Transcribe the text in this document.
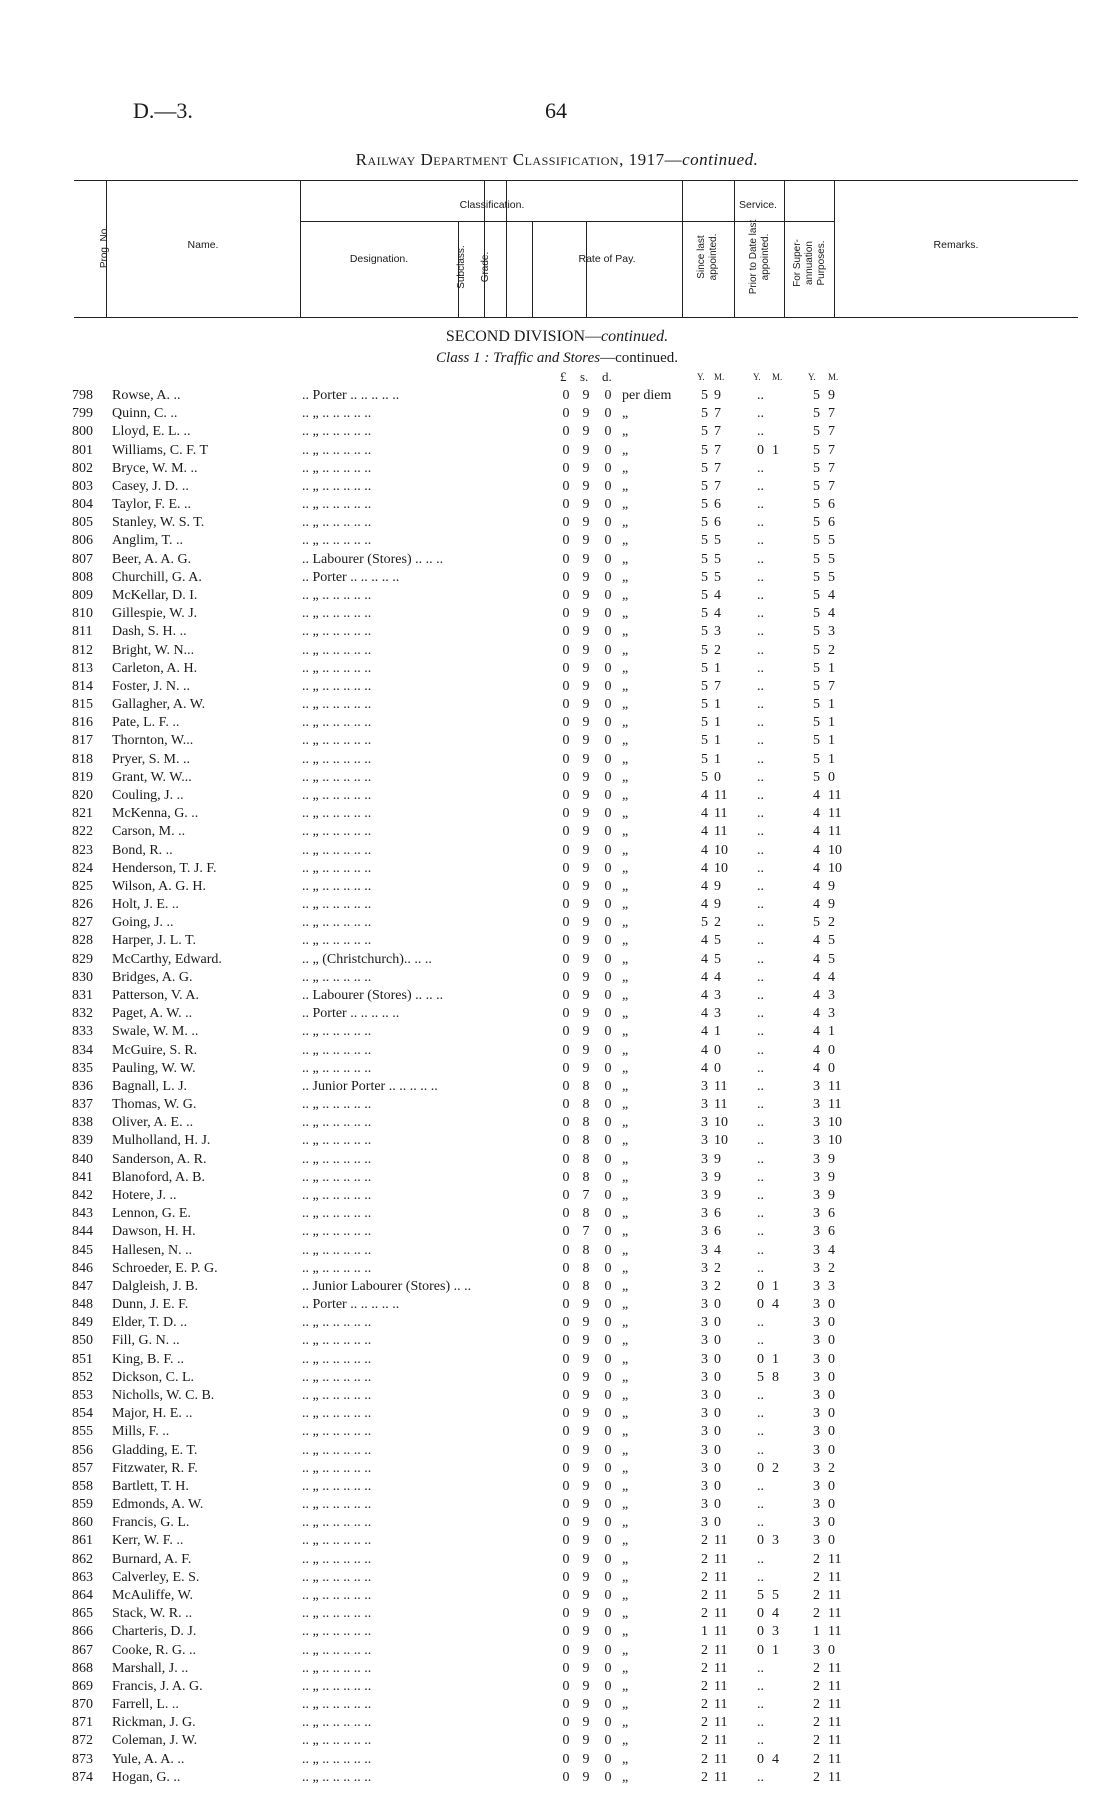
D.—3.	64
Railway Department Classification, 1917—continued.
Prog. No.	Name.
Classification.
Designation.	Subclass. Grade.	Rate of Pay.
Service.
Since last appointed.	Prior to Date last appointed. For Super-annuation Purposes.	Remarks.
SECOND DIVISION—continued.
Class 1 : Traffic and Stores—continued.
£ s. d.	Y. M.	Y. M.	Y. M.
798 Rowse, A. ..	.. Porter .. .. .. .. ..	0 9 0 per diem	5 9	..	5 9
799 Quinn, C. ..	.. „ .. .. .. .. ..	0 9 0 „	5 7	..	5 7
800 Lloyd, E. L. ..	.. „ .. .. .. .. ..	0 9 0 „	5 7	..	5 7
801 Williams, C. F. T	.. „ .. .. .. .. ..	0 9 0 „	5 7	0 1	5 7
802 Bryce, W. M. ..	.. „ .. .. .. .. ..	0 9 0 „	5 7	..	5 7
803 Casey, J. D. ..	.. „ .. .. .. .. ..	0 9 0 „	5 7	..	5 7
804 Taylor, F. E. ..	.. „ .. .. .. .. ..	0 9 0 „	5 6	..	5 6
805 Stanley, W. S. T.	.. „ .. .. .. .. ..	0 9 0 „	5 6	..	5 6
806 Anglim, T. ..	.. „ .. .. .. .. ..	0 9 0 „	5 5	..	5 5
807 Beer, A. A. G.	.. Labourer (Stores) .. .. ..	0 9 0 „	5 5	..	5 5
808 Churchill, G. A.	.. Porter .. .. .. .. ..	0 9 0 „	5 5	..	5 5
809 McKellar, D. I.	.. „ .. .. .. .. ..	0 9 0 „	5 4	..	5 4
810 Gillespie, W. J.	.. „ .. .. .. .. ..	0 9 0 „	5 4	..	5 4
811 Dash, S. H. ..	.. „ .. .. .. .. ..	0 9 0 „	5 3	..	5 3
812 Bright, W. N...	.. „ .. .. .. .. ..	0 9 0 „	5 2	..	5 2
813 Carleton, A. H.	.. „ .. .. .. .. ..	0 9 0 „	5 1	..	5 1
814 Foster, J. N. ..	.. „ .. .. .. .. ..	0 9 0 „	5 7	..	5 7
815 Gallagher, A. W.	.. „ .. .. .. .. ..	0 9 0 „	5 1	..	5 1
816 Pate, L. F. ..	.. „ .. .. .. .. ..	0 9 0 „	5 1	..	5 1
817 Thornton, W...	.. „ .. .. .. .. ..	0 9 0 „	5 1	..	5 1
818 Pryer, S. M. ..	.. „ .. .. .. .. ..	0 9 0 „	5 1	..	5 1
819 Grant, W. W...	.. „ .. .. .. .. ..	0 9 0 „	5 0	..	5 0
820 Couling, J. ..	.. „ .. .. .. .. ..	0 9 0 „	4 11	..	4 11
821 McKenna, G. ..	.. „ .. .. .. .. ..	0 9 0 „	4 11	..	4 11
822 Carson, M. ..	.. „ .. .. .. .. ..	0 9 0 „	4 11	..	4 11
823 Bond, R. ..	.. „ .. .. .. .. ..	0 9 0 „	4 10	..	4 10
824 Henderson, T. J. F.	.. „ .. .. .. .. ..	0 9 0 „	4 10	..	4 10
825 Wilson, A. G. H.	.. „ .. .. .. .. ..	0 9 0 „	4 9	..	4 9
826 Holt, J. E. ..	.. „ .. .. .. .. ..	0 9 0 „	4 9	..	4 9
827 Going, J. ..	.. „ .. .. .. .. ..	0 9 0 „	5 2	..	5 2
828 Harper, J. L. T.	.. „ .. .. .. .. ..	0 9 0 „	4 5	..	4 5
829 McCarthy, Edward.	.. „ (Christchurch).. .. ..	0 9 0 „	4 5	..	4 5
830 Bridges, A. G.	.. „ .. .. .. .. ..	0 9 0 „	4 4	..	4 4
831 Patterson, V. A.	.. Labourer (Stores) .. .. ..	0 9 0 „	4 3	..	4 3
832 Paget, A. W. ..	.. Porter .. .. .. .. ..	0 9 0 „	4 3	..	4 3
833 Swale, W. M. ..	.. „ .. .. .. .. ..	0 9 0 „	4 1	..	4 1
834 McGuire, S. R.	.. „ .. .. .. .. ..	0 9 0 „	4 0	..	4 0
835 Pauling, W. W.	.. „ .. .. .. .. ..	0 9 0 „	4 0	..	4 0
836 Bagnall, L. J.	.. Junior Porter .. .. .. .. ..	0 8 0 „	3 11	..	3 11
837 Thomas, W. G.	.. „ .. .. .. .. ..	0 8 0 „	3 11	..	3 11
838 Oliver, A. E. ..	.. „ .. .. .. .. ..	0 8 0 „	3 10	..	3 10
839 Mulholland, H. J.	.. „ .. .. .. .. ..	0 8 0 „	3 10	..	3 10
840 Sanderson, A. R.	.. „ .. .. .. .. ..	0 8 0 „	3 9	..	3 9
841 Blanoford, A. B.	.. „ .. .. .. .. ..	0 8 0 „	3 9	..	3 9
842 Hotere, J. ..	.. „ .. .. .. .. ..	0 7 0 „	3 9	..	3 9
843 Lennon, G. E.	.. „ .. .. .. .. ..	0 8 0 „	3 6	..	3 6
844 Dawson, H. H.	.. „ .. .. .. .. ..	0 7 0 „	3 6	..	3 6
845 Hallesen, N. ..	.. „ .. .. .. .. ..	0 8 0 „	3 4	..	3 4
846 Schroeder, E. P. G.	.. „ .. .. .. .. ..	0 8 0 „	3 2	..	3 2
847 Dalgleish, J. B.	.. Junior Labourer (Stores) .. ..	0 8 0 „	3 2	0 1	3 3
848 Dunn, J. E. F.	.. Porter .. .. .. .. ..	0 9 0 „	3 0	0 4	3 0
849 Elder, T. D. ..	.. „ .. .. .. .. ..	0 9 0 „	3 0	..	3 0
850 Fill, G. N. ..	.. „ .. .. .. .. ..	0 9 0 „	3 0	..	3 0
851 King, B. F. ..	.. „ .. .. .. .. ..	0 9 0 „	3 0	0 1	3 0
852 Dickson, C. L.	.. „ .. .. .. .. ..	0 9 0 „	3 0	5 8	3 0
853 Nicholls, W. C. B.	.. „ .. .. .. .. ..	0 9 0 „	3 0	..	3 0
854 Major, H. E. ..	.. „ .. .. .. .. ..	0 9 0 „	3 0	..	3 0
855 Mills, F. ..	.. „ .. .. .. .. ..	0 9 0 „	3 0	..	3 0
856 Gladding, E. T.	.. „ .. .. .. .. ..	0 9 0 „	3 0	..	3 0
857 Fitzwater, R. F.	.. „ .. .. .. .. ..	0 9 0 „	3 0	0 2	3 2
858 Bartlett, T. H.	.. „ .. .. .. .. ..	0 9 0 „	3 0	..	3 0
859 Edmonds, A. W.	.. „ .. .. .. .. ..	0 9 0 „	3 0	..	3 0
860 Francis, G. L.	.. „ .. .. .. .. ..	0 9 0 „	3 0	..	3 0
861 Kerr, W. F. ..	.. „ .. .. .. .. ..	0 9 0 „	2 11	0 3	3 0
862 Burnard, A. F.	.. „ .. .. .. .. ..	0 9 0 „	2 11	..	2 11
863 Calverley, E. S.	.. „ .. .. .. .. ..	0 9 0 „	2 11	..	2 11
864 McAuliffe, W.	.. „ .. .. .. .. ..	0 9 0 „	2 11	5 5	2 11
865 Stack, W. R. ..	.. „ .. .. .. .. ..	0 9 0 „	2 11	0 4	2 11
866 Charteris, D. J.	.. „ .. .. .. .. ..	0 9 0 „	1 11	0 3	1 11
867 Cooke, R. G. ..	.. „ .. .. .. .. ..	0 9 0 „	2 11	0 1	3 0
868 Marshall, J. ..	.. „ .. .. .. .. ..	0 9 0 „	2 11	..	2 11
869 Francis, J. A. G.	.. „ .. .. .. .. ..	0 9 0 „	2 11	..	2 11
870 Farrell, L. ..	.. „ .. .. .. .. ..	0 9 0 „	2 11	..	2 11
871 Rickman, J. G.	.. „ .. .. .. .. ..	0 9 0 „	2 11	..	2 11
872 Coleman, J. W.	.. „ .. .. .. .. ..	0 9 0 „	2 11	..	2 11
873 Yule, A. A. ..	.. „ .. .. .. .. ..	0 9 0 „	2 11	0 4	2 11
874 Hogan, G. ..	.. „ .. .. .. .. ..	0 9 0 „	2 11	..	2 11
